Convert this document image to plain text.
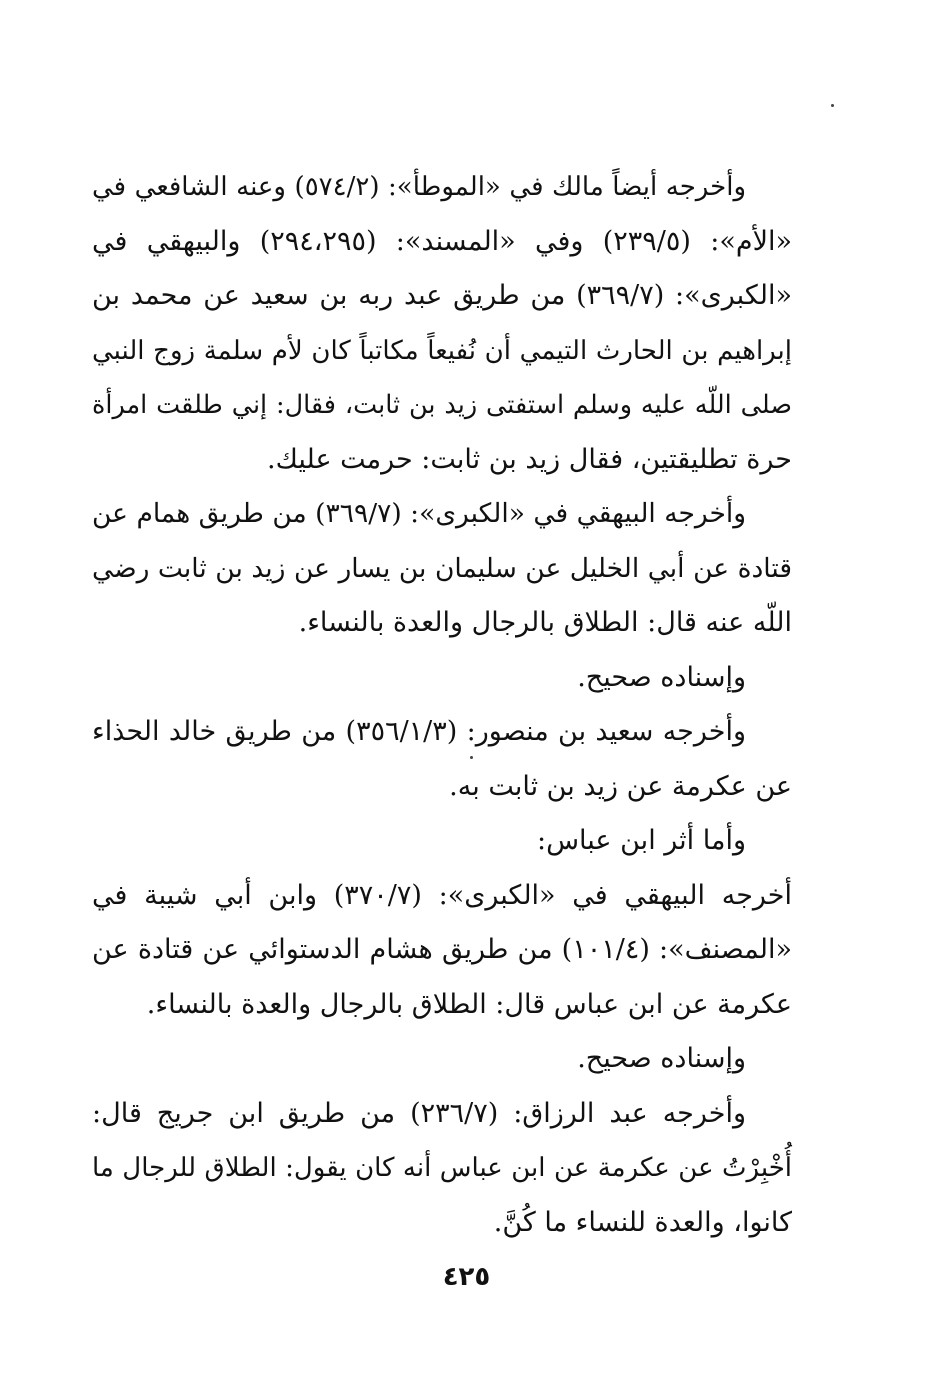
وأخرجه أيضاً مالك في «الموطأ»: (٥٧٤/٢) وعنه الشافعي في
«الأم»: (٢٣٩/٥) وفي «المسند»: (٢٩٤،٢٩٥) والبيهقي في
«الكبرى»: (٣٦٩/٧) من طريق عبد ربه بن سعيد عن محمد بن
إبراهيم بن الحارث التيمي أن نُفيعاً مكاتباً كان لأم سلمة زوج النبي
صلى اللّه عليه وسلم استفتى زيد بن ثابت، فقال: إني طلقت امرأة
حرة تطليقتين، فقال زيد بن ثابت: حرمت عليك.
وأخرجه البيهقي في «الكبرى»: (٣٦٩/٧) من طريق همام عن
قتادة عن أبي الخليل عن سليمان بن يسار عن زيد بن ثابت رضي
اللّه عنه قال: الطلاق بالرجال والعدة بالنساء.
وإسناده صحيح.
وأخرجه سعيد بن منصور: (٣٥٦/١/٣) من طريق خالد الحذاء
عن عكرمة عن زيد بن ثابت به.
وأما أثر ابن عباس:
أخرجه البيهقي في «الكبرى»: (٣٧٠/٧) وابن أبي شيبة في
«المصنف»: (١٠١/٤) من طريق هشام الدستوائي عن قتادة عن
عكرمة عن ابن عباس قال: الطلاق بالرجال والعدة بالنساء.
وإسناده صحيح.
وأخرجه عبد الرزاق: (٢٣٦/٧) من طريق ابن جريج قال:
أُخْبِرْتُ عن عكرمة عن ابن عباس أنه كان يقول: الطلاق للرجال ما
كانوا، والعدة للنساء ما كُنَّ.
٤٢٥
